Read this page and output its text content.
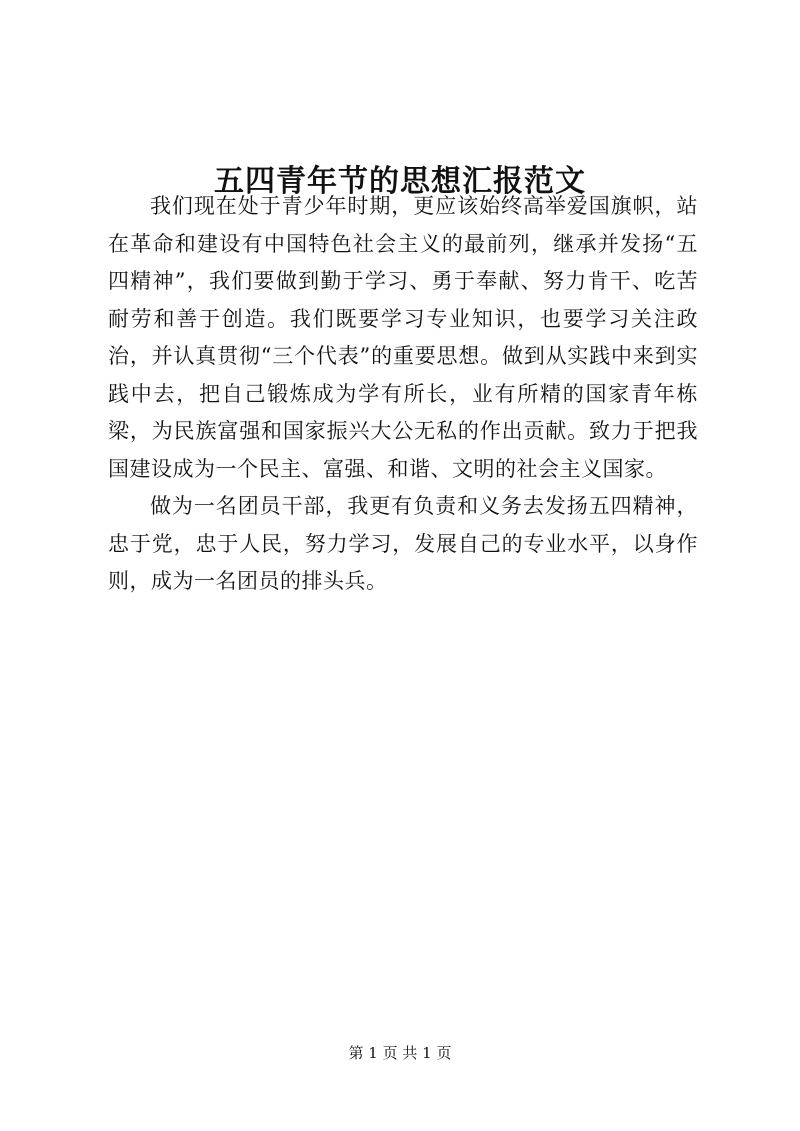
五四青年节的思想汇报范文

我们现在处于青少年时期，更应该始终高举爱国旗帜，站在革命和建设有中国特色社会主义的最前列，继承并发扬“五四精神”，我们要做到勤于学习、勇于奉献、努力肯干、吃苦耐劳和善于创造。我们既要学习专业知识，也要学习关注政治，并认真贯彻“三个代表”的重要思想。做到从实践中来到实践中去，把自己锻炼成为学有所长，业有所精的国家青年栋梁，为民族富强和国家振兴大公无私的作出贡献。致力于把我国建设成为一个民主、富强、和谐、文明的社会主义国家。

做为一名团员干部，我更有负责和义务去发扬五四精神，忠于党，忠于人民，努力学习，发展自己的专业水平，以身作则，成为一名团员的排头兵。

第 1 页 共 1 页
